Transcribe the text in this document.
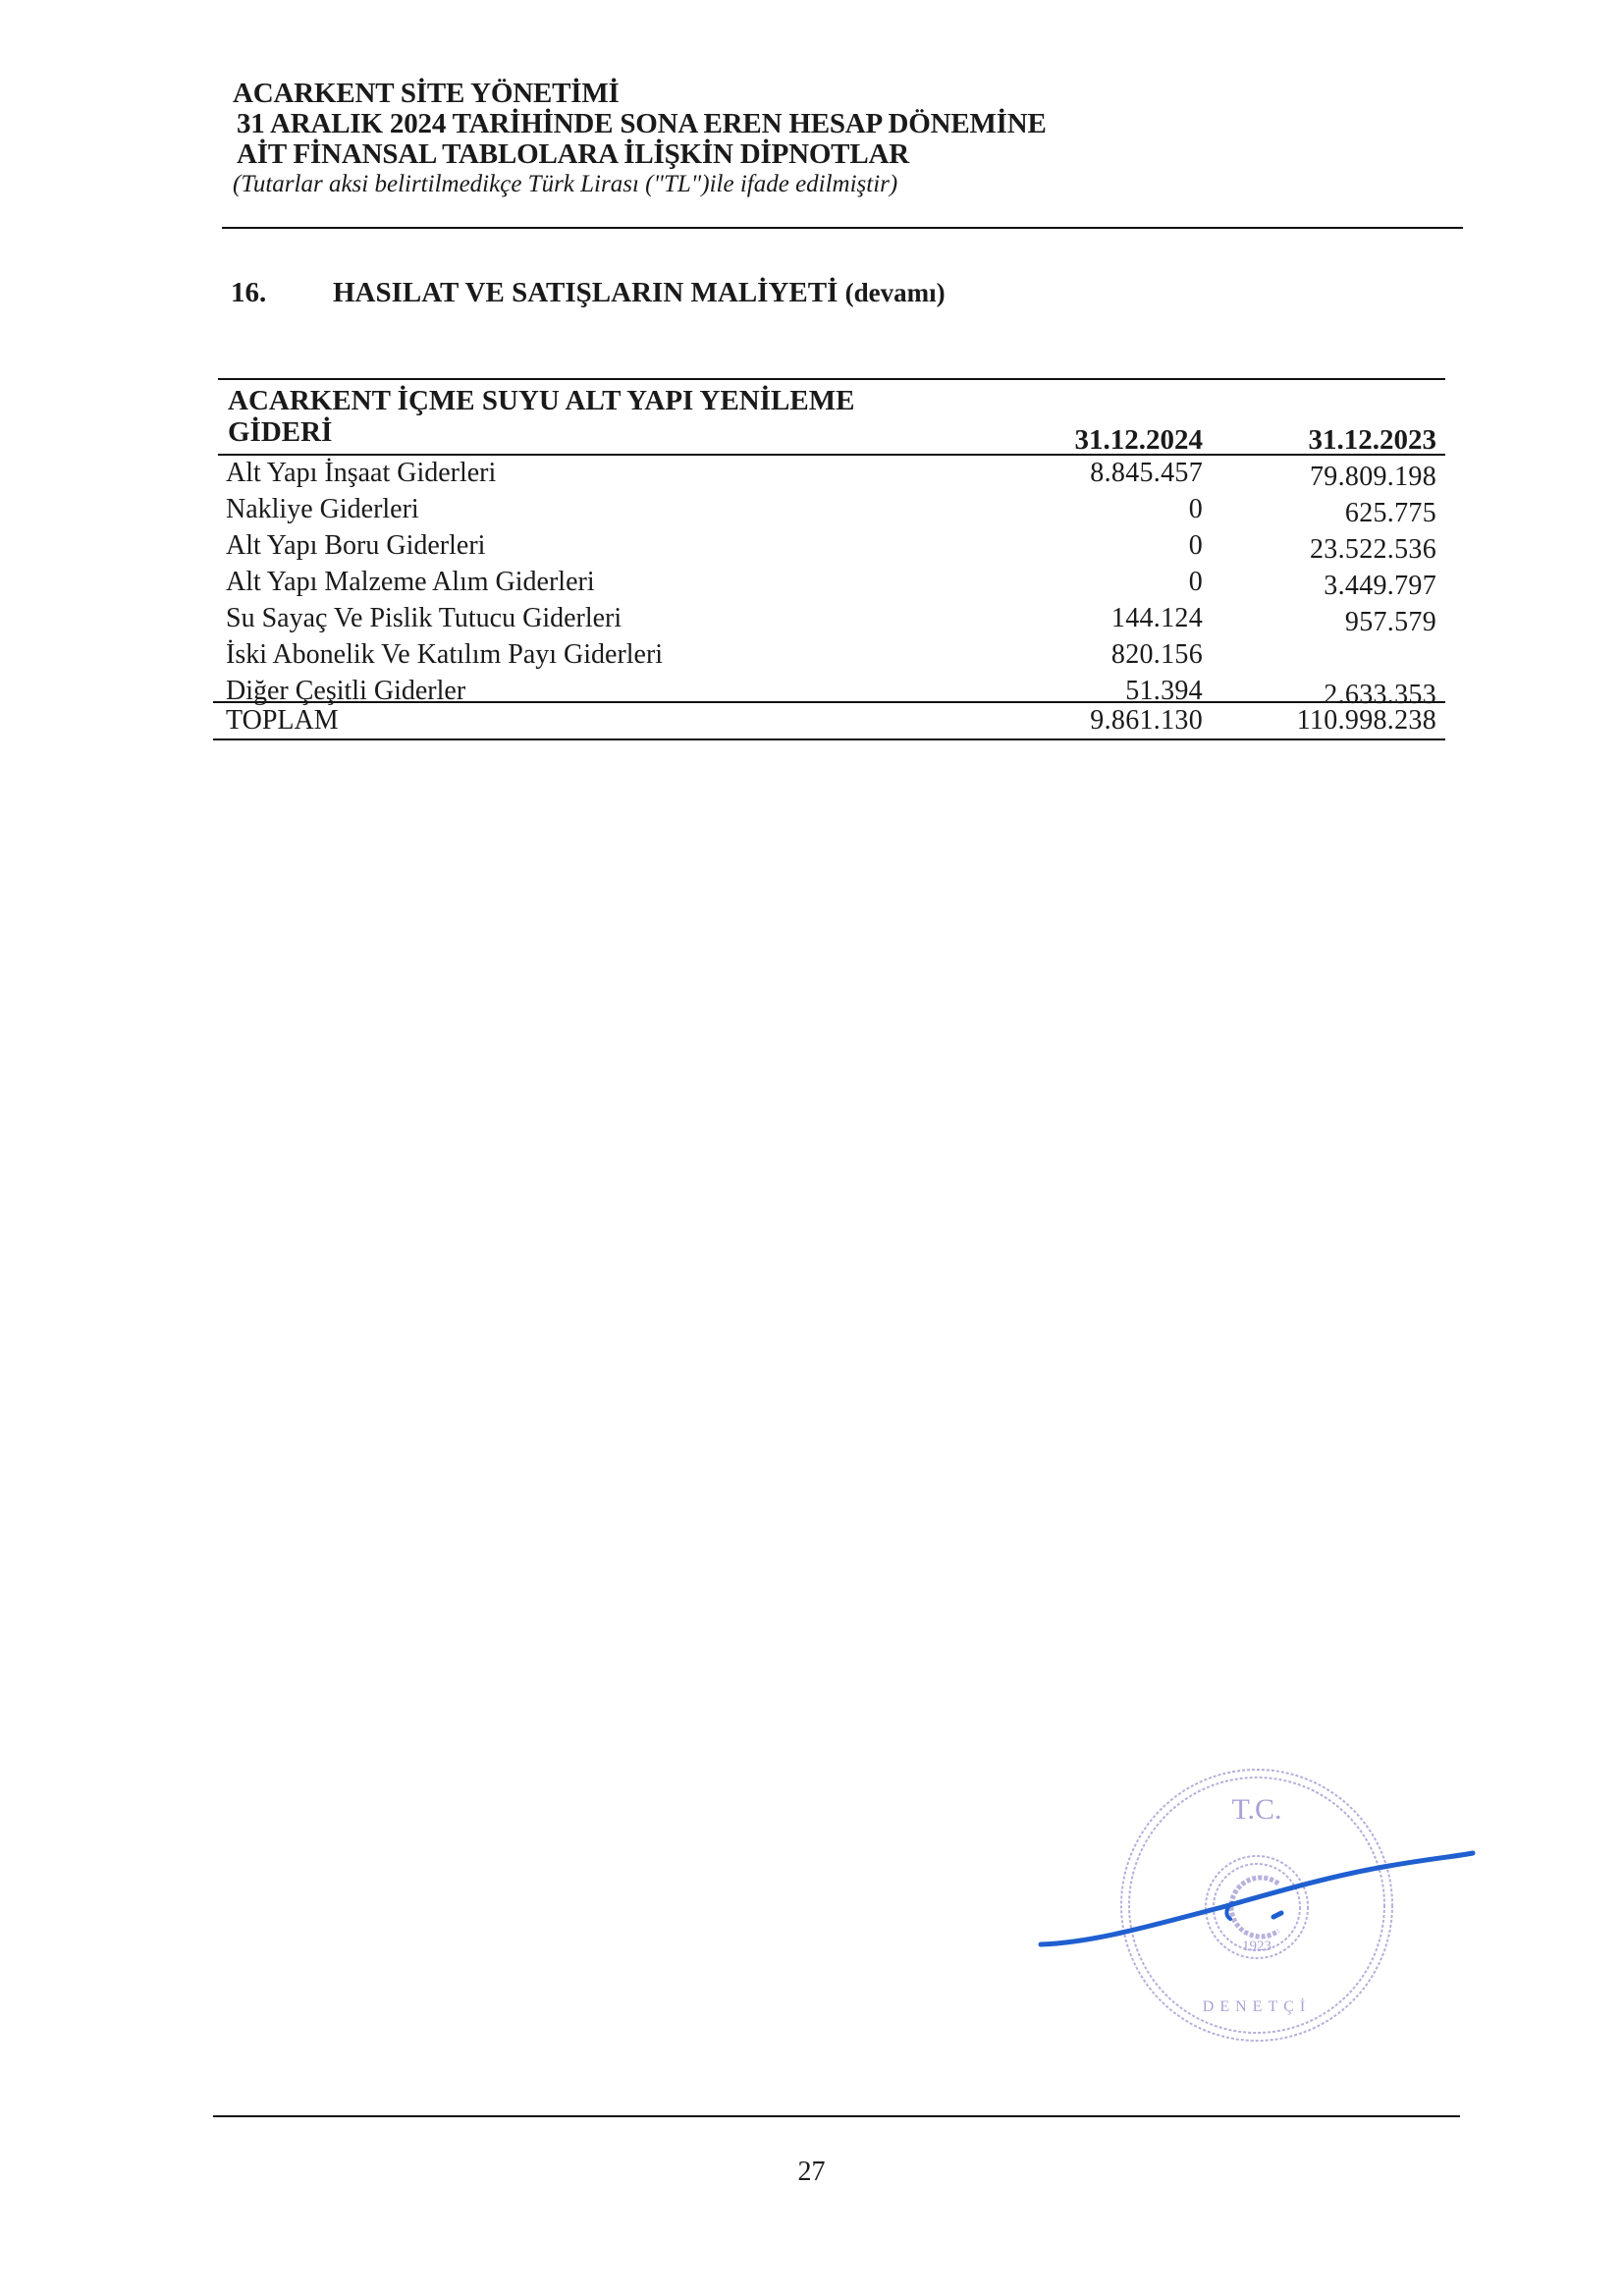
ACARKENT SİTE YÖNETİMİ
31 ARALIK 2024 TARİHİNDE SONA EREN HESAP DÖNEMİNE
AİT FİNANSAL TABLOLARA İLİŞKİN DİPNOTLAR
(Tutarlar aksi belirtilmedikçe Türk Lirası ("TL")ile ifade edilmiştir)
16. HASILAT VE SATIŞLARIN MALİYETİ (devamı)
ACARKENT İÇME SUYU ALT YAPI YENİLEME
GİDERİ	31.12.2024	31.12.2023
Alt Yapı İnşaat Giderleri	8.845.457	79.809.198
Nakliye Giderleri	0	625.775
Alt Yapı Boru Giderleri	0	23.522.536
Alt Yapı Malzeme Alım Giderleri	0	3.449.797
Su Sayaç Ve Pislik Tutucu Giderleri	144.124	957.579
İski Abonelik Ve Katılım Payı Giderleri	820.156
Diğer Çeşitli Giderler	51.394	2.633.353
TOPLAM	9.861.130	110.998.238
T.C.
1923
DENETÇİ
27
